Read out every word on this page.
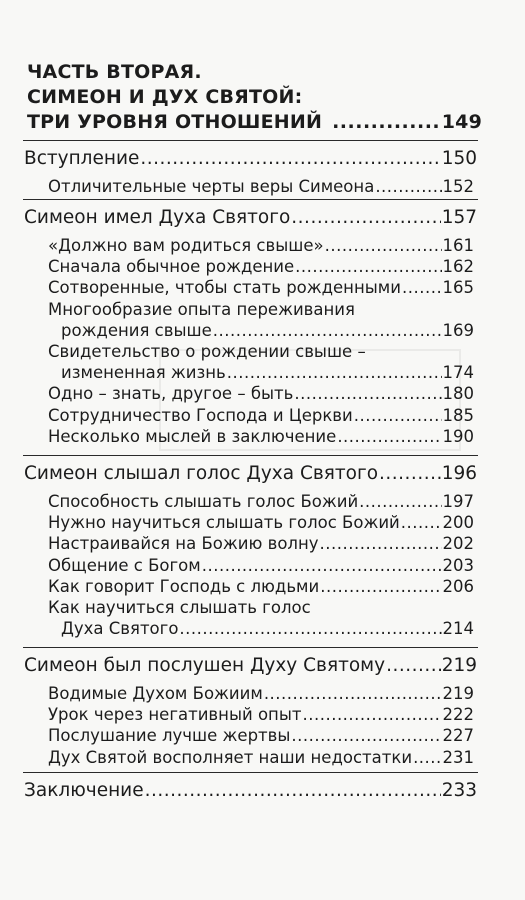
ЧАСТЬ ВТОРАЯ.
СИМЕОН И ДУХ СВЯТОЙ:
ТРИ УРОВНЯ ОТНОШЕНИЙ .....	149
Вступление .....	150
Отличительные черты веры Симеона .....	152
Симеон имел Духа Святого .....	157
«Должно вам родиться свыше» .....	161
Сначала обычное рождение .....	162
Сотворенные, чтобы стать рожденными .....	165
Многообразие опыта переживания
рождения свыше .....	169
Свидетельство о рождении свыше –
измененная жизнь .....	174
Одно – знать, другое – быть .....	180
Сотрудничество Господа и Церкви .....	185
Несколько мыслей в заключение .....	190
Симеон слышал голос Духа Святого .....	196
Способность слышать голос Божий .....	197
Нужно научиться слышать голос Божий .....	200
Настраивайся на Божию волну .....	202
Общение с Богом .....	203
Как говорит Господь с людьми .....	206
Как научиться слышать голос
Духа Святого .....	214
Симеон был послушен Духу Святому .....	219
Водимые Духом Божиим .....	219
Урок через негативный опыт .....	222
Послушание лучше жертвы .....	227
Дух Святой восполняет наши недостатки ..... 231
Заключение .....	233
